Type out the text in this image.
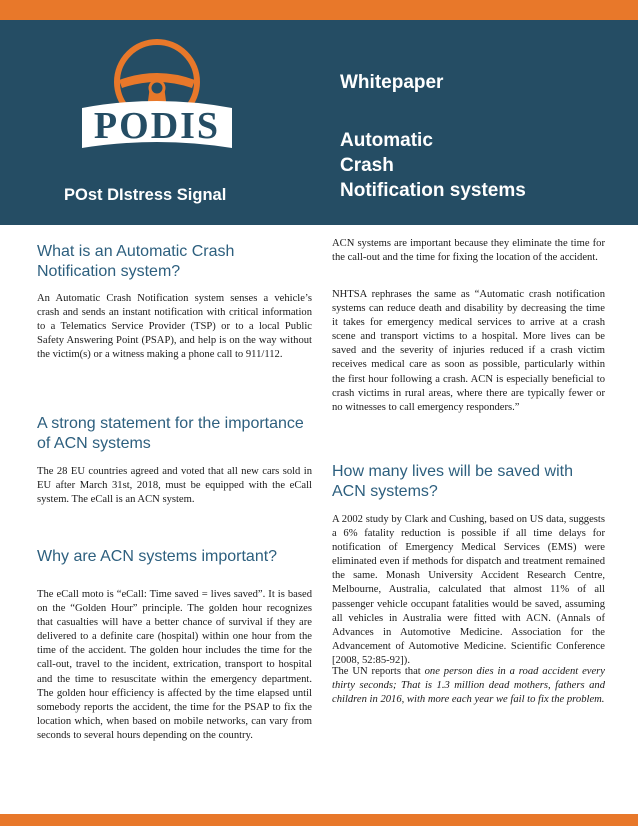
PODIS
POst DIstress Signal
Whitepaper
Automatic
Crash
Notification systems
What is an Automatic Crash Notification system?
An Automatic Crash Notification system senses a vehicle’s crash and sends an instant notification with critical information to a Telematics Service Provider (TSP) or to a local Public Safety Answering Point (PSAP), and help is on the way without the victim(s) or a witness making a phone call to 911/112.
A strong statement for the importance of ACN systems
The 28 EU countries agreed and voted that all new cars sold in EU after March 31st, 2018, must be equipped with the eCall system. The eCall is an ACN system.
Why are ACN systems important?
The eCall moto is “eCall: Time saved = lives saved”. It is based on the “Golden Hour” principle. The golden hour recognizes that casualties will have a better chance of survival if they are delivered to a definite care (hospital) within one hour from the time of the accident. The golden hour includes the time for the call-out, travel to the incident, extrication, transport to hospital and the time to resuscitate within the emergency department. The golden hour efficiency is affected by the time elapsed until somebody reports the accident, the time for the PSAP to fix the location which, when based on mobile networks, can vary from seconds to several hours depending on the country.
ACN systems are important because they eliminate the time for the call-out and the time for fixing the location of the accident.
NHTSA rephrases the same as “Automatic crash notification systems can reduce death and disability by decreasing the time it takes for emergency medical services to arrive at a crash scene and transport victims to a hospital. More lives can be saved and the severity of injuries reduced if a crash victim receives medical care as soon as possible, particularly within the first hour following a crash. ACN is especially beneficial to crash victims in rural areas, where there are typically fewer or no witnesses to call emergency responders.”
How many lives will be saved with ACN systems?
A 2002 study by Clark and Cushing, based on US data, suggests a 6% fatality reduction is possible if all time delays for notification of Emergency Medical Services (EMS) were eliminated even if methods for dispatch and treatment remained the same. Monash University Accident Research Centre, Melbourne, Australia, calculated that almost 11% of all passenger vehicle occupant fatalities would be saved, assuming all vehicles in Australia were fitted with ACN. (Annals of Advances in Automotive Medicine. Association for the Advancement of Automotive Medicine. Scientific Conference [2008, 52:85-92]).
The UN reports that one person dies in a road accident every thirty seconds; That is 1.3 million dead mothers, fathers and children in 2016, with more each year we fail to fix the problem.
